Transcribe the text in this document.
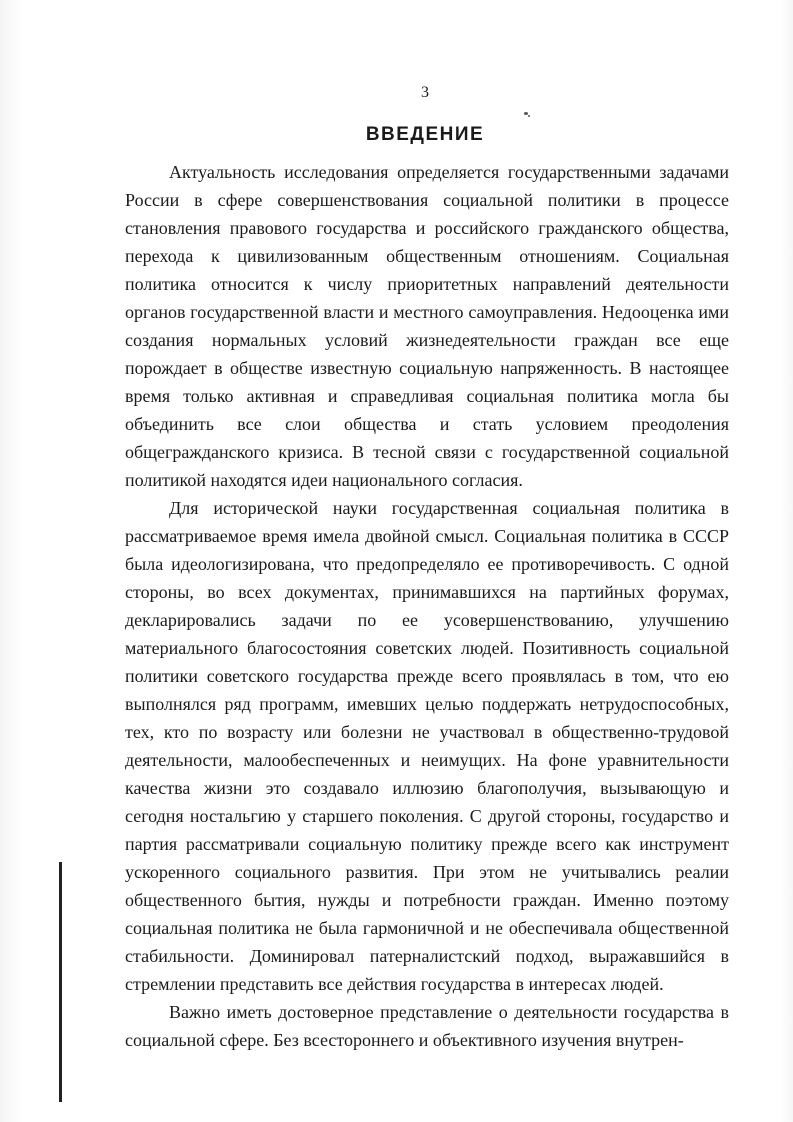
3
ВВЕДЕНИЕ

Актуальность исследования определяется государственными задачами России в сфере совершенствования социальной политики в процессе становления правового государства и российского гражданского общества, перехода к цивилизованным общественным отношениям. Социальная политика относится к числу приоритетных направлений деятельности органов государственной власти и местного самоуправления. Недооценка ими создания нормальных условий жизнедеятельности граждан все еще порождает в обществе известную социальную напряженность. В настоящее время только активная и справедливая социальная политика могла бы объединить все слои общества и стать условием преодоления общегражданского кризиса. В тесной связи с государственной социальной политикой находятся идеи национального согласия.

Для исторической науки государственная социальная политика в рассматриваемое время имела двойной смысл. Социальная политика в СССР была идеологизирована, что предопределяло ее противоречивость. С одной стороны, во всех документах, принимавшихся на партийных форумах, декларировались задачи по ее усовершенствованию, улучшению материального благосостояния советских людей. Позитивность социальной политики советского государства прежде всего проявлялась в том, что ею выполнялся ряд программ, имевших целью поддержать нетрудоспособных, тех, кто по возрасту или болезни не участвовал в общественно-трудовой деятельности, малообеспеченных и неимущих. На фоне уравнительности качества жизни это создавало иллюзию благополучия, вызывающую и сегодня ностальгию у старшего поколения. С другой стороны, государство и партия рассматривали социальную политику прежде всего как инструмент ускоренного социального развития. При этом не учитывались реалии общественного бытия, нужды и потребности граждан. Именно поэтому социальная политика не была гармоничной и не обеспечивала общественной стабильности. Доминировал патерналистский подход, выражавшийся в стремлении представить все действия государства в интересах людей.

Важно иметь достоверное представление о деятельности государства в социальной сфере. Без всестороннего и объективного изучения внутрен-
